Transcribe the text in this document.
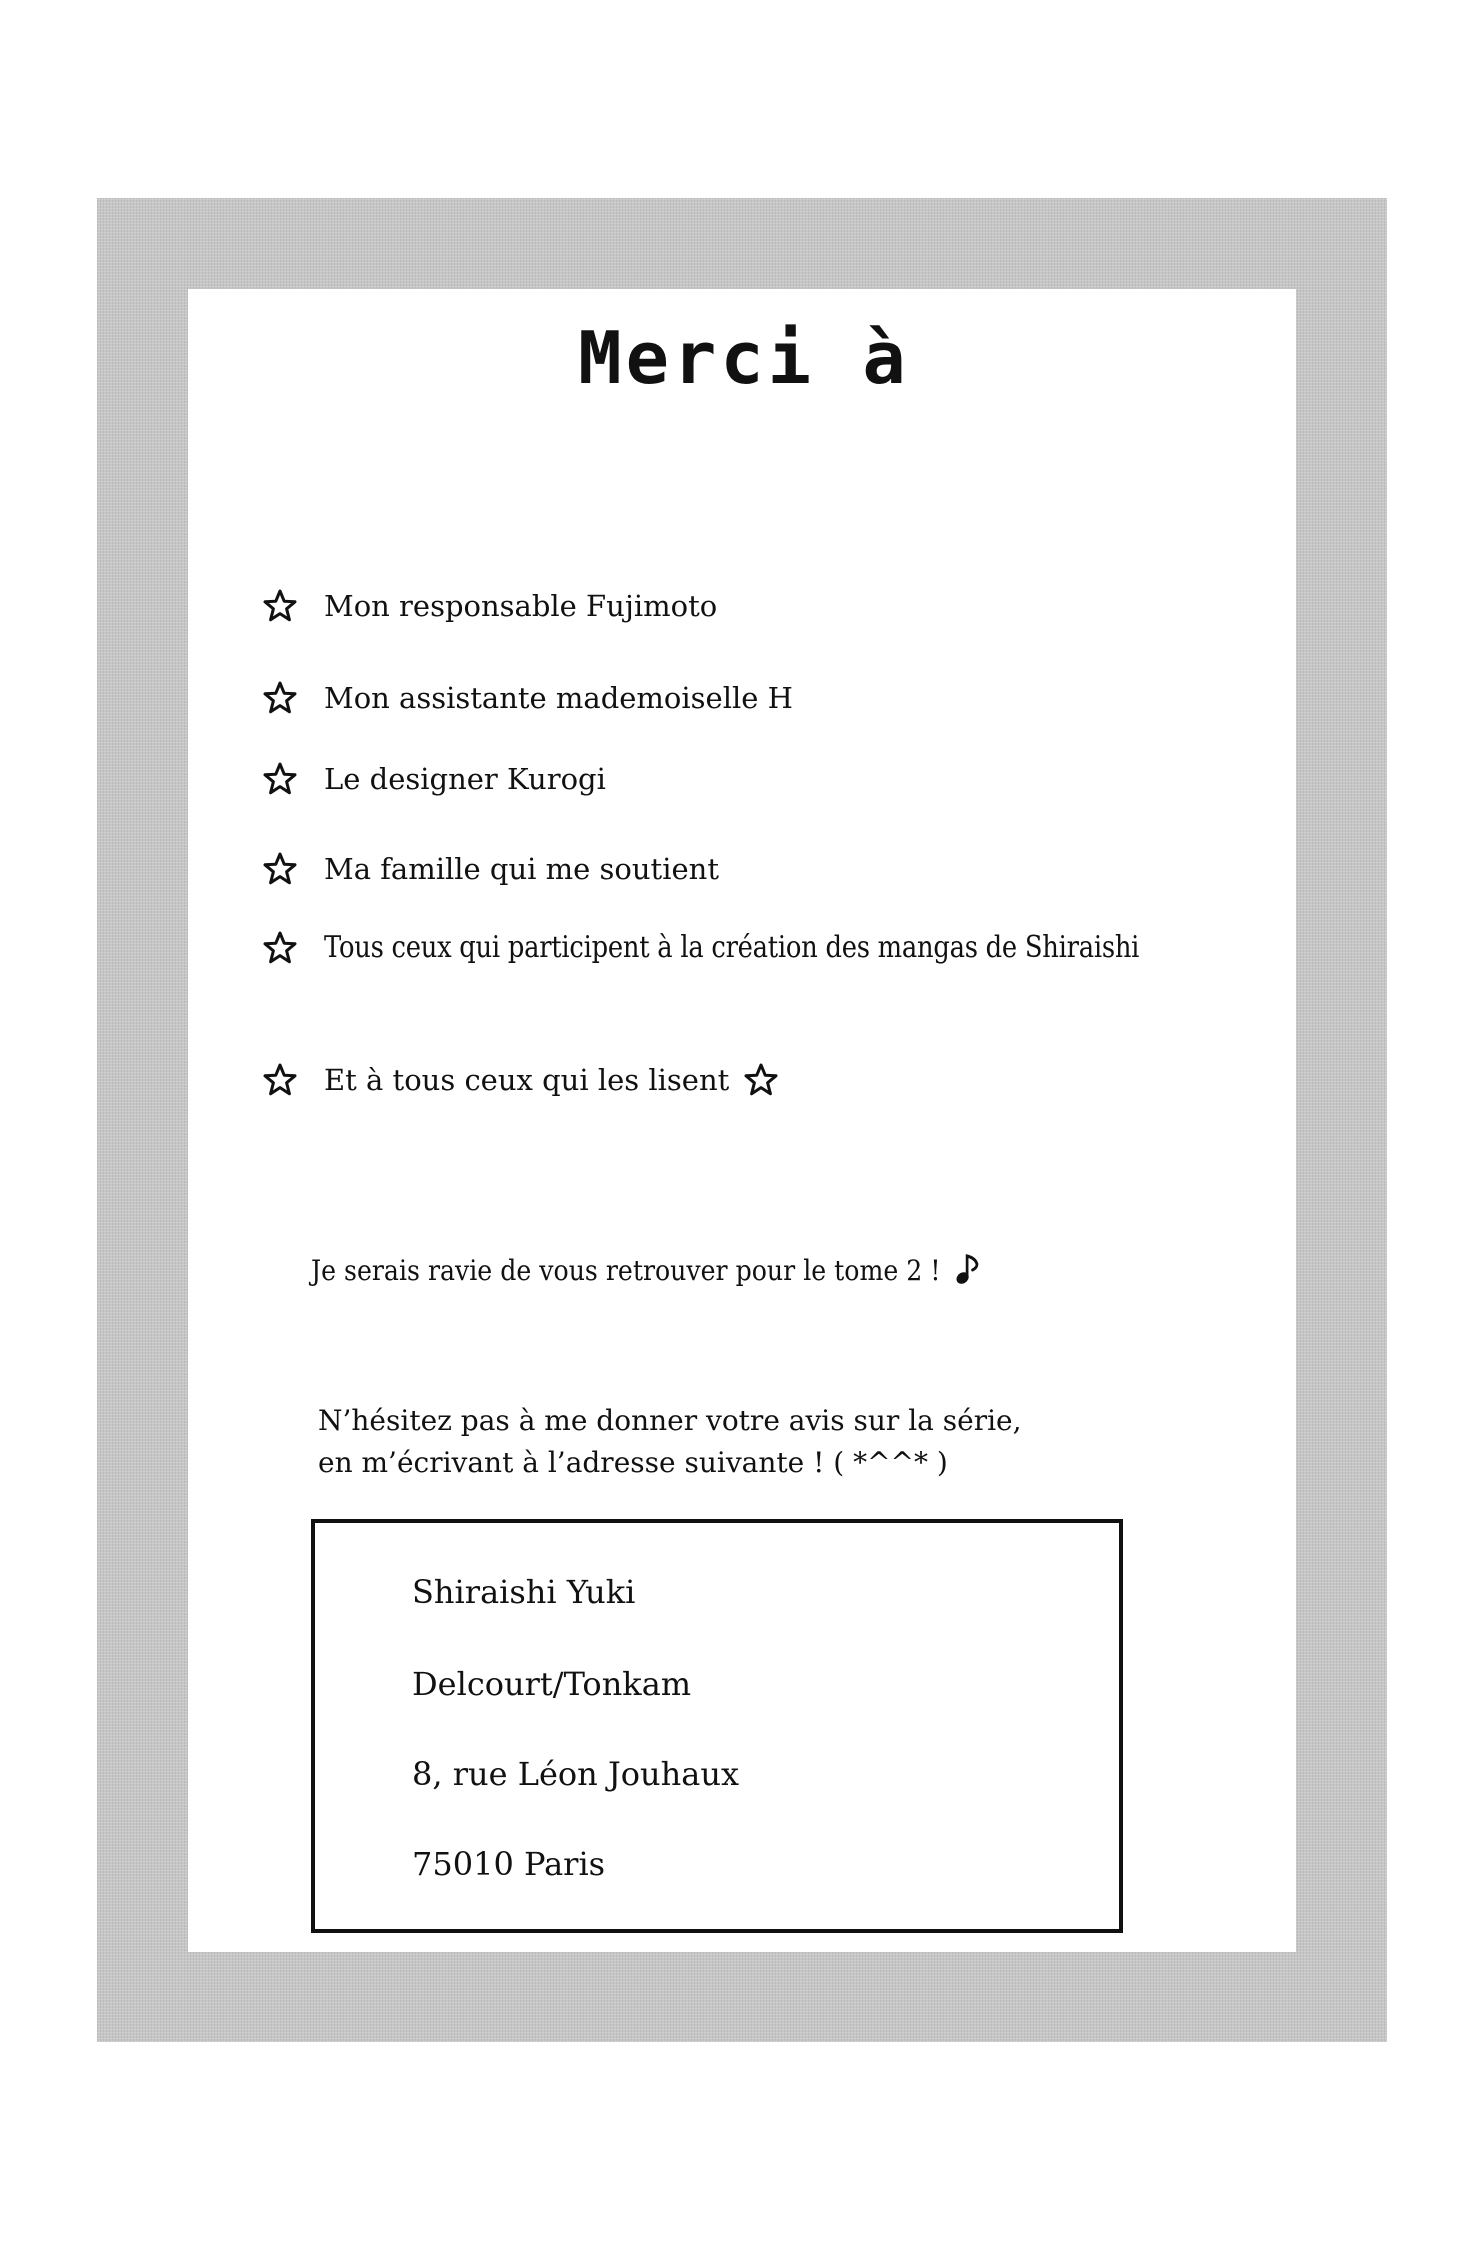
Merci à
Mon responsable Fujimoto
Mon assistante mademoiselle H
Le designer Kurogi
Ma famille qui me soutient
Tous ceux qui participent à la création des mangas de Shiraishi
Et à tous ceux qui les lisent
Je serais ravie de vous retrouver pour le tome 2 !
N’hésitez pas à me donner votre avis sur la série,
en m’écrivant à l’adresse suivante ! ( *^^* )
Shiraishi Yuki
Delcourt/Tonkam
8, rue Léon Jouhaux
75010 Paris
